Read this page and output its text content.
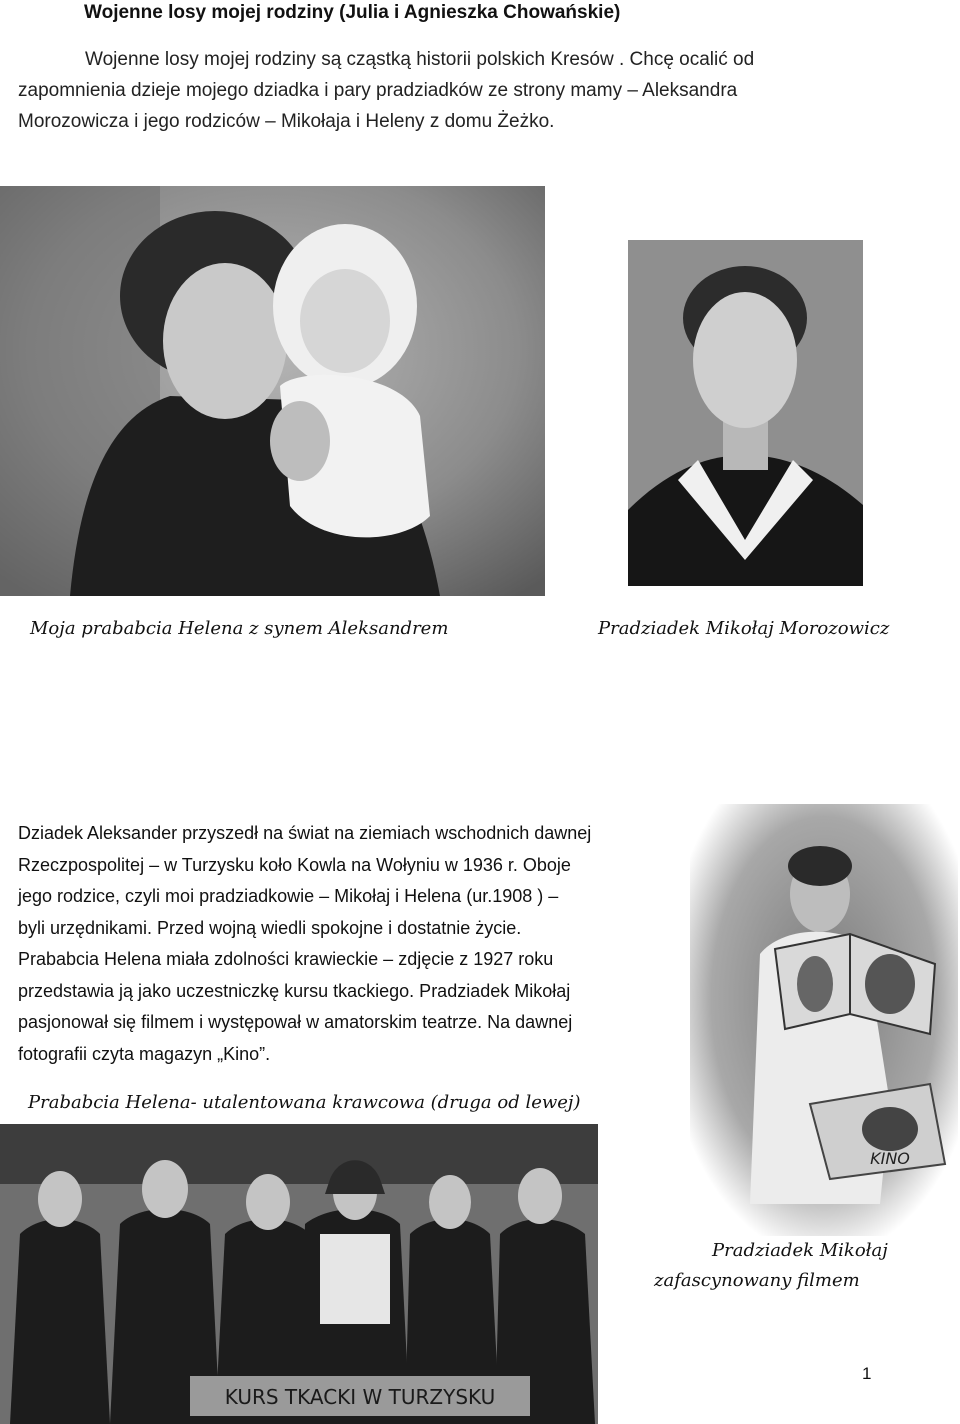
Wojenne losy mojej rodziny (Julia i Agnieszka Chowańskie)
Wojenne losy mojej rodziny są cząstką historii polskich Kresów . Chcę ocalić od
zapomnienia dzieje mojego dziadka i pary pradziadków ze strony mamy – Aleksandra
Morozowicza i jego rodziców – Mikołaja i Heleny z domu Żeżko.
Moja prababcia Helena z synem Aleksandrem	Pradziadek Mikołaj Morozowicz
Dziadek Aleksander przyszedł na świat na ziemiach wschodnich dawnej
Rzeczpospolitej – w Turzysku koło Kowla na Wołyniu w 1936 r. Oboje
jego rodzice, czyli moi pradziadkowie – Mikołaj i Helena (ur.1908 ) –
byli urzędnikami. Przed wojną wiedli spokojne i dostatnie życie.
Prababcia Helena miała zdolności krawieckie – zdjęcie z 1927 roku
przedstawia ją jako uczestniczkę kursu tkackiego. Pradziadek Mikołaj
pasjonował się filmem i występował w amatorskim teatrze. Na dawnej
fotografii czyta magazyn „Kino”.
KINO
Prababcia Helena- utalentowana krawcowa (druga od lewej)
KURS TKACKI W TURZYSKU
Pradziadek Mikołaj
zafascynowany filmem
1
